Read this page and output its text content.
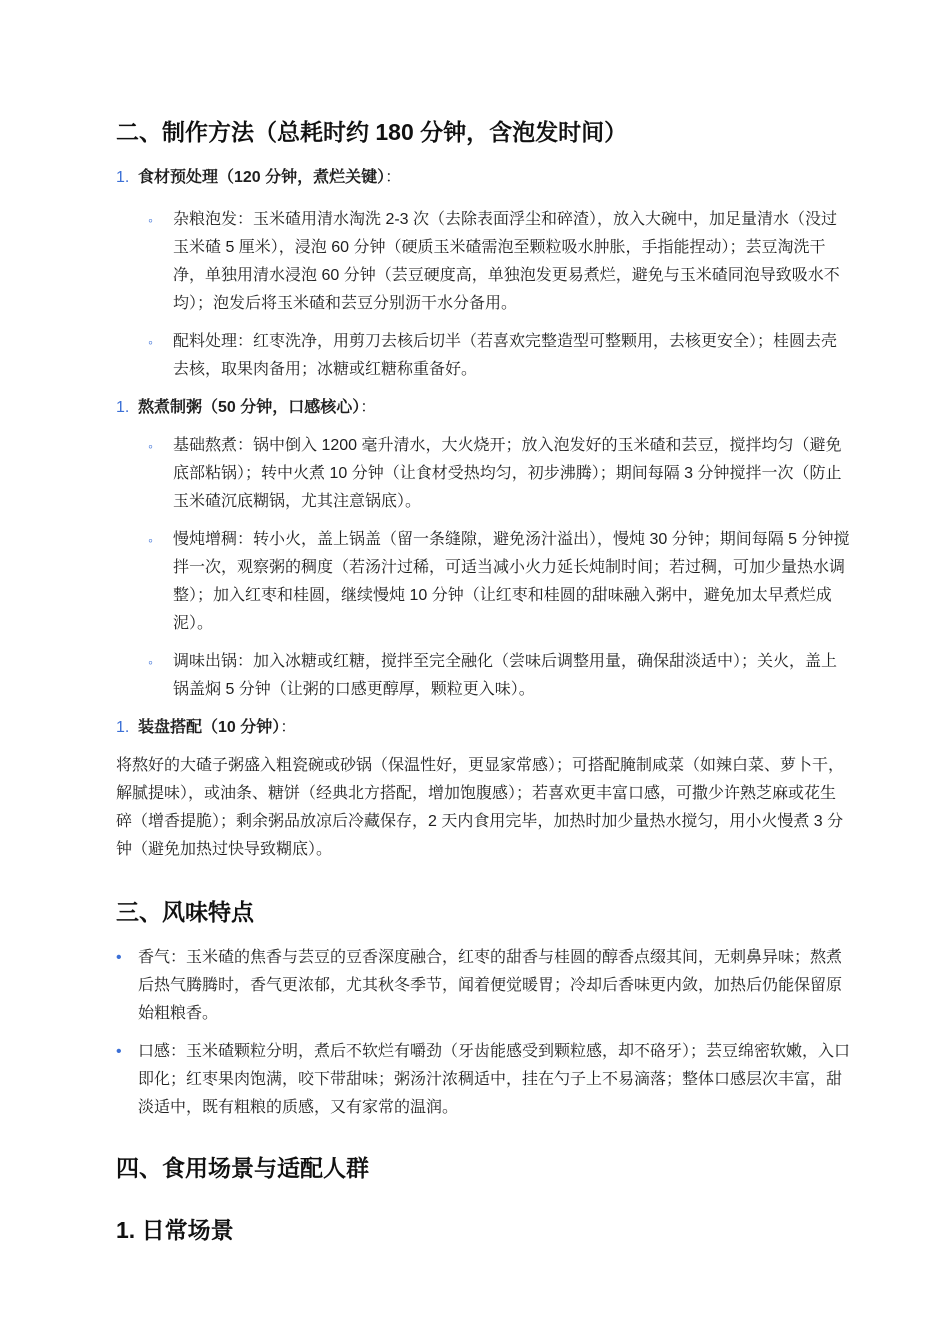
二、制作方法（总耗时约 180 分钟，含泡发时间）
1. 食材预处理（120 分钟，煮烂关键）：
◦ 杂粮泡发：玉米碴用清水淘洗 2-3 次（去除表面浮尘和碎渣），放入大碗中，加足量清水（没过玉米碴 5 厘米），浸泡 60 分钟（硬质玉米碴需泡至颗粒吸水肿胀，手指能捏动）；芸豆淘洗干净，单独用清水浸泡 60 分钟（芸豆硬度高，单独泡发更易煮烂，避免与玉米碴同泡导致吸水不均）；泡发后将玉米碴和芸豆分别沥干水分备用。
◦ 配料处理：红枣洗净，用剪刀去核后切半（若喜欢完整造型可整颗用，去核更安全）；桂圆去壳去核，取果肉备用；冰糖或红糖称重备好。
1. 熬煮制粥（50 分钟，口感核心）：
◦ 基础熬煮：锅中倒入 1200 毫升清水，大火烧开；放入泡发好的玉米碴和芸豆，搅拌均匀（避免底部粘锅）；转中火煮 10 分钟（让食材受热均匀，初步沸腾）；期间每隔 3 分钟搅拌一次（防止玉米碴沉底糊锅，尤其注意锅底）。
◦ 慢炖增稠：转小火，盖上锅盖（留一条缝隙，避免汤汁溢出），慢炖 30 分钟；期间每隔 5 分钟搅拌一次，观察粥的稠度（若汤汁过稀，可适当减小火力延长炖制时间；若过稠，可加少量热水调整）；加入红枣和桂圆，继续慢炖 10 分钟（让红枣和桂圆的甜味融入粥中，避免加太早煮烂成泥）。
◦ 调味出锅：加入冰糖或红糖，搅拌至完全融化（尝味后调整用量，确保甜淡适中）；关火，盖上锅盖焖 5 分钟（让粥的口感更醇厚，颗粒更入味）。
1. 装盘搭配（10 分钟）：

将熬好的大碴子粥盛入粗瓷碗或砂锅（保温性好，更显家常感）；可搭配腌制咸菜（如辣白菜、萝卜干，解腻提味），或油条、糖饼（经典北方搭配，增加饱腹感）；若喜欢更丰富口感，可撒少许熟芝麻或花生碎（增香提脆）；剩余粥品放凉后冷藏保存，2 天内食用完毕，加热时加少量热水搅匀，用小火慢煮 3 分钟（避免加热过快导致糊底）。

三、风味特点
• 香气：玉米碴的焦香与芸豆的豆香深度融合，红枣的甜香与桂圆的醇香点缀其间，无刺鼻异味；熬煮后热气腾腾时，香气更浓郁，尤其秋冬季节，闻着便觉暖胃；冷却后香味更内敛，加热后仍能保留原始粗粮香。
• 口感：玉米碴颗粒分明，煮后不软烂有嚼劲（牙齿能感受到颗粒感，却不硌牙）；芸豆绵密软嫩，入口即化；红枣果肉饱满，咬下带甜味；粥汤汁浓稠适中，挂在勺子上不易滴落；整体口感层次丰富，甜淡适中，既有粗粮的质感，又有家常的温润。
四、食用场景与适配人群
1. 日常场景
